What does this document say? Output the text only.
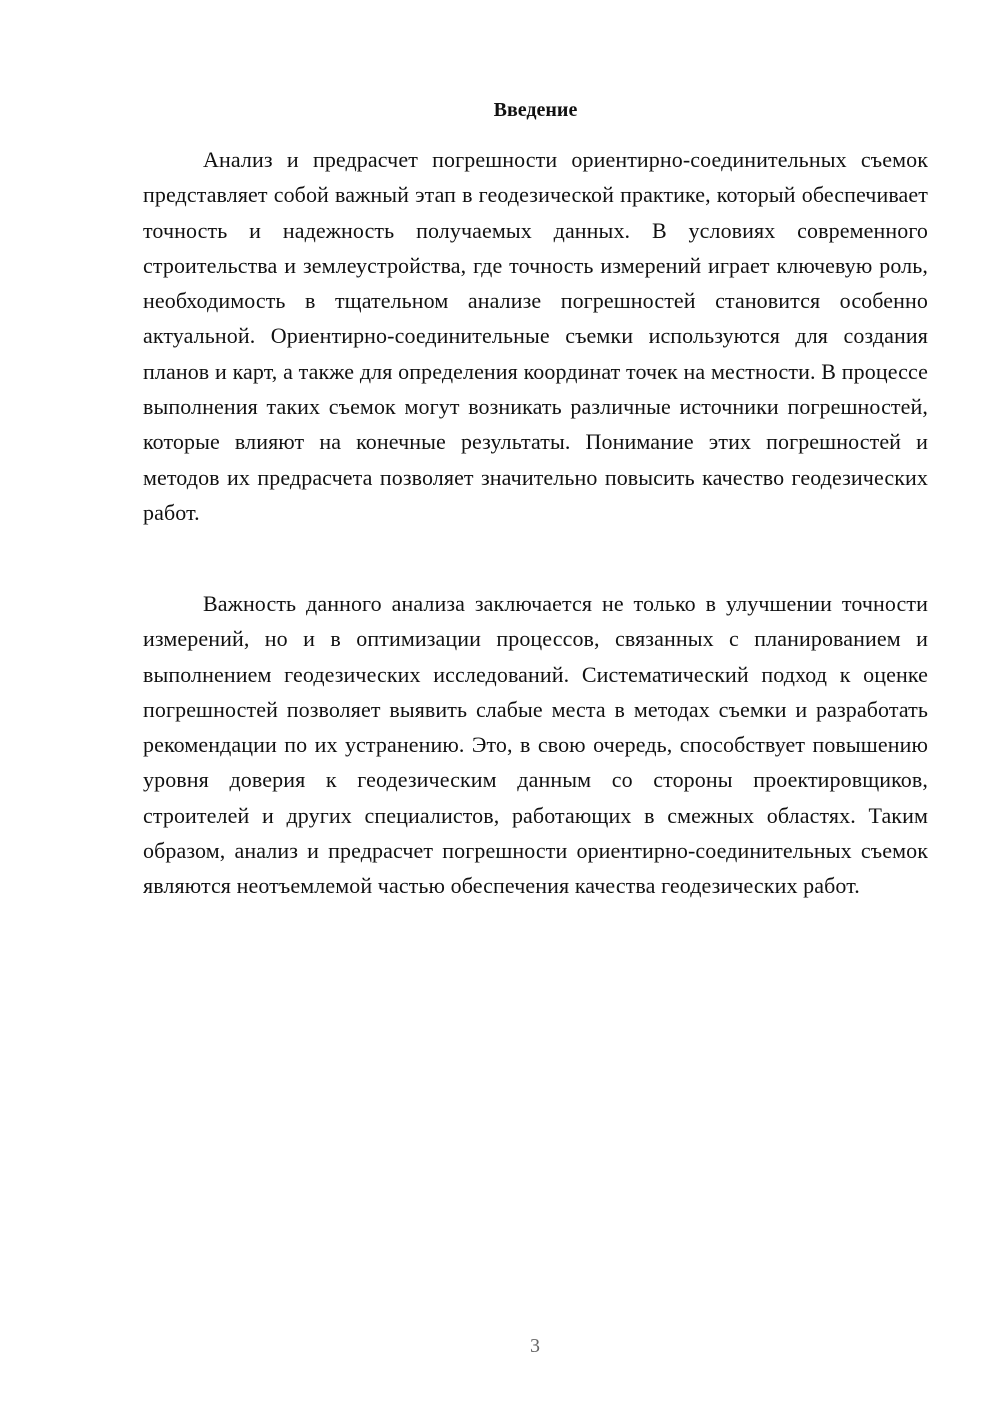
Введение

Анализ и предрасчет погрешности ориентирно-соединительных съемок представляет собой важный этап в геодезической практике, который обеспечивает точность и надежность получаемых данных. В условиях современного строительства и землеустройства, где точность измерений играет ключевую роль, необходимость в тщательном анализе погрешностей становится особенно актуальной. Ориентирно-соединительные съемки используются для создания планов и карт, а также для определения координат точек на местности. В процессе выполнения таких съемок могут возникать различные источники погрешностей, которые влияют на конечные результаты. Понимание этих погрешностей и методов их предрасчета позволяет значительно повысить качество геодезических работ.

Важность данного анализа заключается не только в улучшении точности измерений, но и в оптимизации процессов, связанных с планированием и выполнением геодезических исследований. Систематический подход к оценке погрешностей позволяет выявить слабые места в методах съемки и разработать рекомендации по их устранению. Это, в свою очередь, способствует повышению уровня доверия к геодезическим данным со стороны проектировщиков, строителей и других специалистов, работающих в смежных областях. Таким образом, анализ и предрасчет погрешности ориентирно-соединительных съемок являются неотъемлемой частью обеспечения качества геодезических работ.

3
